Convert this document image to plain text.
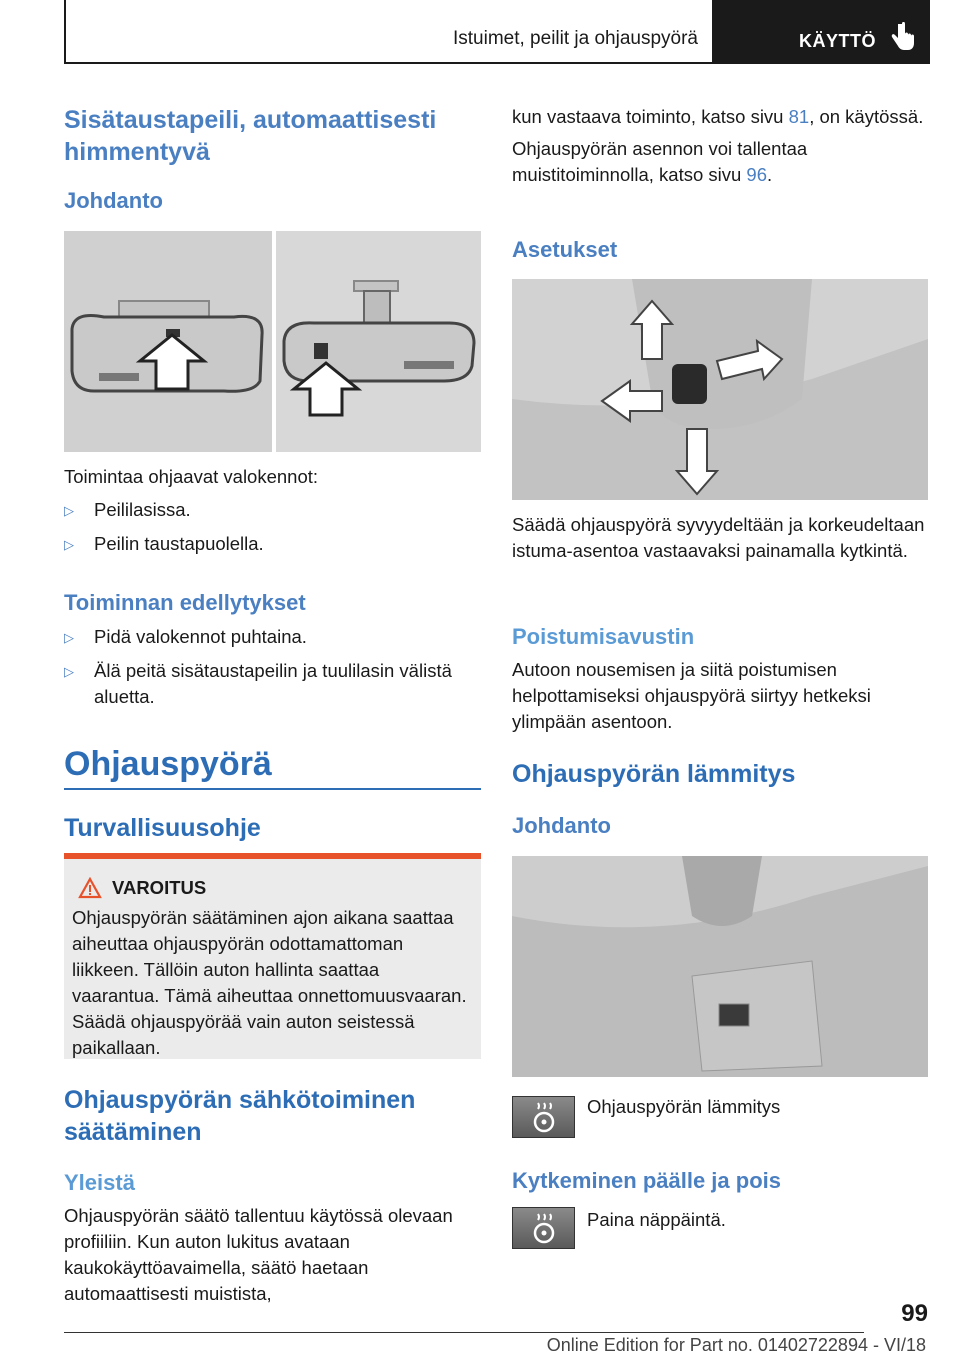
Istuimet, peilit ja ohjauspyörä	KÄYTTÖ
Sisätaustapeili, automaattisesti himmentyvä
Johdanto
Toimintaa ohjaavat valokennot:
▷	Peililasissa.
▷	Peilin taustapuolella.
Toiminnan edellytykset
▷	Pidä valokennot puhtaina.
▷	Älä peitä sisätaustapeilin ja tuulilasin välistä aluetta.
Ohjauspyörä
Turvallisuusohje
VAROITUS
Ohjauspyörän säätäminen ajon aikana saattaa aiheuttaa ohjauspyörän odottamattoman liikkeen. Tällöin auton hallinta saattaa vaarantua. Tämä aiheuttaa onnettomuusvaaran. Säädä ohjauspyörää vain auton seistessä paikallaan.
Ohjauspyörän sähkötoiminen säätäminen
Yleistä
Ohjauspyörän säätö tallentuu käytössä olevaan profiiliin. Kun auton lukitus avataan kaukokäyttöavaimella, säätö haetaan automaattisesti muistista,
kun vastaava toiminto, katso sivu 81, on käytössä.
Ohjauspyörän asennon voi tallentaa muistitoiminnolla, katso sivu 96.
Asetukset
Säädä ohjauspyörä syvyydeltään ja korkeudeltaan istuma-asentoa vastaavaksi painamalla kytkintä.
Poistumisavustin
Autoon nousemisen ja siitä poistumisen helpottamiseksi ohjauspyörä siirtyy hetkeksi ylimpään asentoon.
Ohjauspyörän lämmitys
Johdanto
Ohjauspyörän lämmitys
Kytkeminen päälle ja pois
Paina näppäintä.
99
Online Edition for Part no. 01402722894 - VI/18
